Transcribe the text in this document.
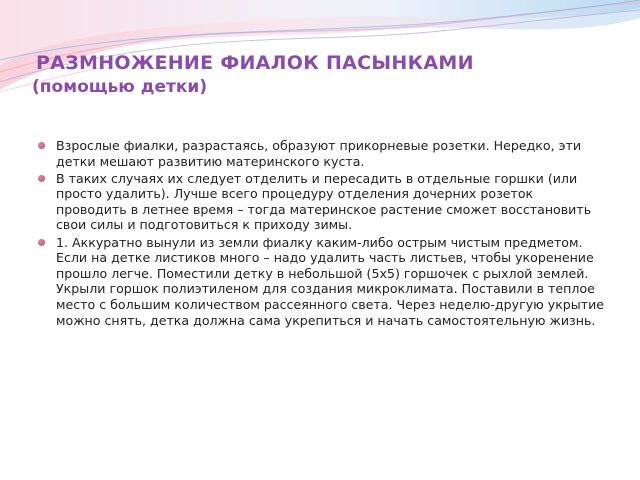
РАЗМНОЖЕНИЕ ФИАЛОК ПАСЫНКАМИ
(помощью детки)
Взрослые фиалки, разрастаясь, образуют прикорневые розетки. Нередко, эти детки мешают развитию материнского куста.
В таких случаях их следует отделить и пересадить в отдельные горшки (или просто удалить). Лучше всего процедуру отделения дочерних розеток проводить в летнее время – тогда материнское растение сможет восстановить свои силы и подготовиться к приходу зимы.
1. Аккуратно вынули из земли фиалку каким-либо острым чистым предметом. Если на детке листиков много – надо удалить часть листьев, чтобы укоренение прошло легче. Поместили детку в небольшой (5х5) горшочек с рыхлой землей. Укрыли горшок полиэтиленом для создания микроклимата. Поставили в теплое место с большим количеством рассеянного света. Через неделю-другую укрытие можно снять, детка должна сама укрепиться и начать самостоятельную жизнь.
